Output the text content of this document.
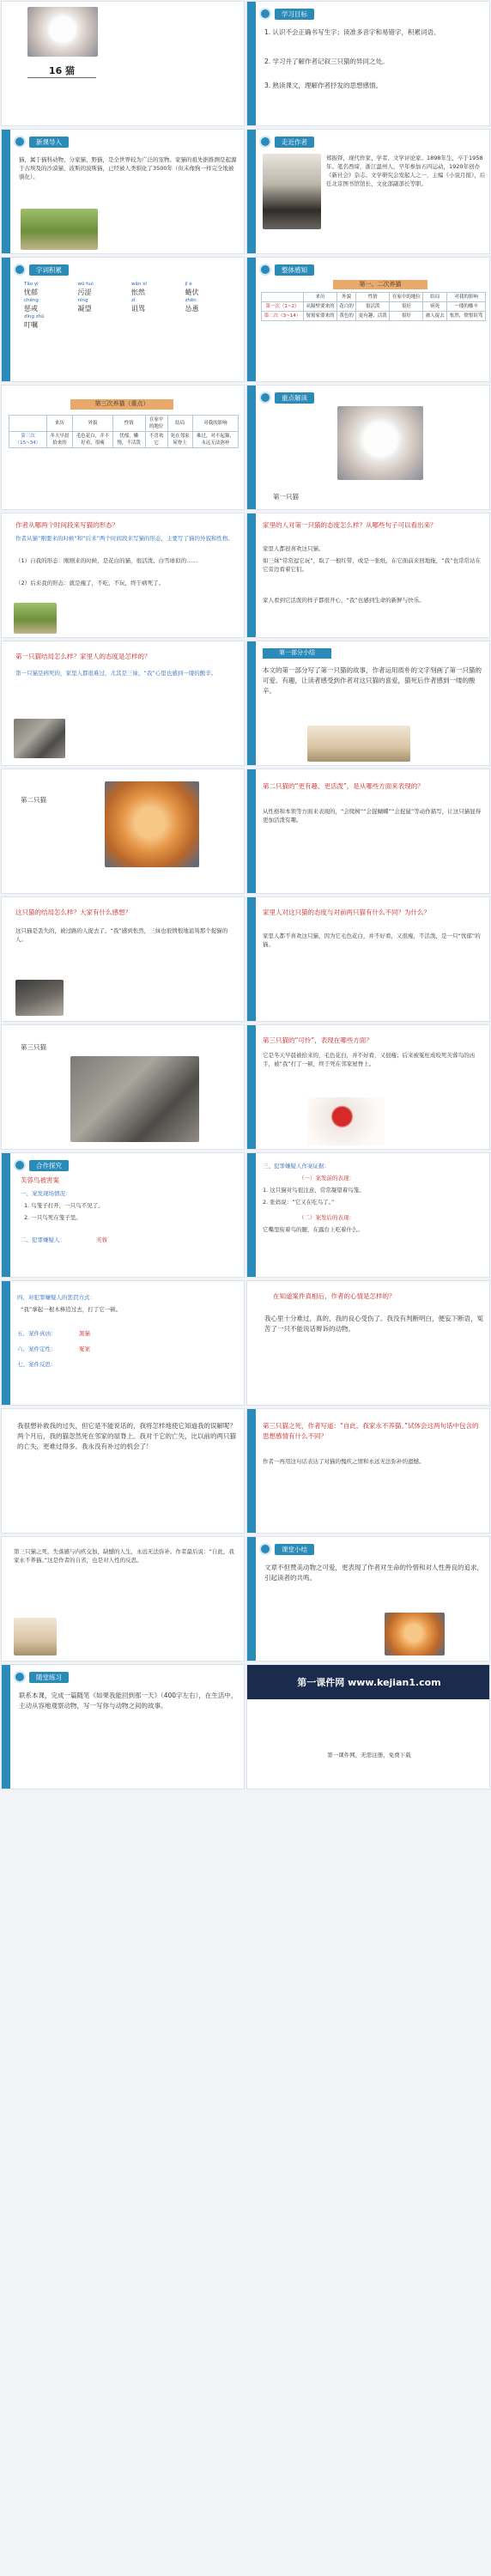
16 猫
学习目标
1. 认识不会正确书写生字；读准多音字和易错字，积累词语。
2. 学习并了解作者记叙三只猫的异同之处。
3. 熟读课文，理解作者抒发的思想感情。
新课导入
猫，属于猫科动物，分家猫、野猫，是全世界较为广泛的宠物。家猫的祖先据推测是起源于古埃及的沙漠猫，波斯的波斯猫，已经被人类驯化了3500年（但未像狗一样完全地被驯化）。
走近作者
郑振铎，现代作家、学者、文学评论家。1898年生，卒于1958年。笔名西谛，浙江温州人，早年参加五四运动，1920年创办《新社会》杂志。文学研究会发起人之一，主编《小说月报》，后任北京图书馆馆长、文化部副部长等职。
字词积累
Tǎo yì	wū huì	wǎn xī	jī è
忧郁	污涩	怅然	蜷伏
chéng	níng	zǐ	zhēn
惩戒	凝望	诅骂	怂恿
dīng zhǔ
叮嘱
整体感知
第一、二次养猫
	来历	外貌	性情	在家中的地位	结局	对我的影响
第一次（1~2）	从隔壁要来的	花白的	很活泼	很好	病死	一缕的酸辛
第二次（3~14）	舅舅家要来的	黄色的	更有趣、活泼	很好	被人捉去	怅然，愤恨诅骂
第三次养猫（重点）
	来历	外貌	性情	在家中的地位	结局	对我的影响
第三次（15~34）	冬天早晨 拾来的	毛色花白，并不好看，很瘦	忧郁，懒惰，不活泼	不喜欢它	死在邻家屋脊上	难过，对不起猫，永远无法弥补
重点解读
第一只猫
作者从哪两个时间段来写猫的形态？
作者从猫“刚要来的时候”和“后来”两个时间段来写猫的形态，主要写了猫的外貌和性格。
（1）自我的形态：刚刚来的时候，是花白的猫，很活泼、白雪球似的……
（2）后来我的形态：就是瘦了，不吃，不玩，终于病死了。
家里的人对第一只猫的态度怎么样？从哪些句子可以看出来？
家里人都很喜欢这只猫。
如三妹“常常逗它玩”，取了一根红带，或是一张纸，在它面前来回地拖，“我”也常常站在它旁边看着它们。
家人看到它活泼的样子都很开心，“我”也感到生命的新鲜与快乐。
第一只猫结局怎么样？家里人的态度是怎样的？
第一只猫是病死的，家里人都很难过，尤其是三妹，“我”心里也感到一缕的酸辛。
第一部分小结
本文的第一部分写了第一只猫的故事，作者运用质朴的文字刻画了第一只猫的可爱、有趣，让读者感受到作者对这只猫的喜爱，猫死后作者感到一缕的酸辛。
第二只猫
第二只猫的“更有趣、更活泼”，是从哪些方面来表现的？
从性格和本领等方面来表现的，“会爬树”“会捉蝴蝶”“会捉鼠”等动作描写，让这只猫显得更加活泼有趣。
这只猫的结局怎么样？大家有什么感想？
这只猫是丢失的，被过路的人捉去了。“我”感到怅然，三妹也很愤恨地诅骂那个捉猫的人。
家里人对这只猫的态度与对前两只猫有什么不同？为什么？
家里人都不喜欢这只猫，因为它毛色花白，并不好看，又很瘦，不活泼，是一只“忧郁”的猫。
第三只猫
第三只猫的“可怜”，表现在哪些方面？
它是冬天早晨被拾来的，毛色花白，并不好看，又很瘦；后来被冤枉成咬死芙蓉鸟的凶手，被“我”打了一顿，终于死在邻家屋脊上。
合作探究
芙蓉鸟被害案
一、案发现场情况：
1. 鸟笼子打开，一只鸟不见了。
2. 一只鸟死在笼子里。
二、犯罪嫌疑人：	芙蓉
三、犯罪嫌疑人作案证据：
（一）案发前的表现：
1. 这只猫对鸟很注意，常常凝望着鸟笼。
2. 张妈说：“它又在吃鸟了。”
（二）案发后的表现：
它嘴里衔着鸟的腿，在露台上吃着什么。
四、对犯罪嫌疑人的惩罚方式：
“我”拿起一根木棒追过去，打了它一顿。
五、案件真凶：	黑猫
六、案件定性：	冤案
七、案件反思：
在知道案件真相后，作者的心情是怎样的？
我心里十分难过，真的，我的良心受伤了。我没有判断明白，便妄下断语，冤苦了一只不能说话辩诉的动物。
我很想补救我的过失，但它是不能说话的，我将怎样地使它知道我的误解呢？两个月后，我的猫忽然死在邻家的屋脊上。我对于它的亡失，比以前的两只猫的亡失，更难过得多。我永没有补过的机会了！
第三只猫之死，作者写道：“自此，我家永不养猫。”试体会这两句话中包含的思想感情有什么不同？
作者一再用这句话表达了对猫的愧疚之情和永远无法弥补的遗憾。
第三只猫之死，失落感与内疚交加，缺憾的人生，永远无法弥补。作者最后说：“自此，我家永不养猫。”这是作者的自省，也是对人性的反思。
课堂小结
文章不但赞美动物之可爱，更表现了作者对生命的怜惜和对人性善良的追求，引起读者的共鸣。
随堂练习
联系本课，完成一篇随笔《如果我能回到那一天》（400字左右），在生活中，主动从容地观察动物，写一写你与动物之间的故事。
第一课件网 www.kejian1.com
第一课件网，无需注册，免费下载
